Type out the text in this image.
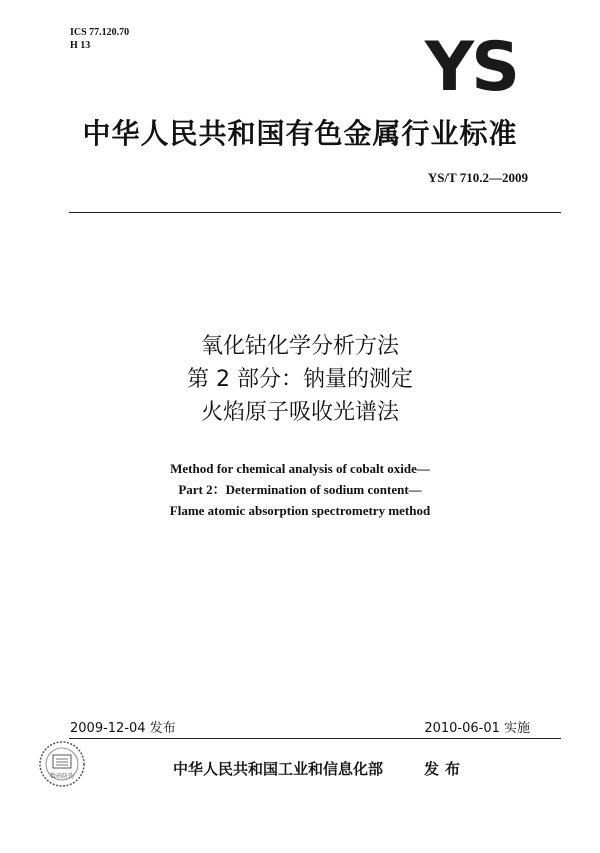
ICS 77.120.70
H 13	YS
中华人民共和国有色金属行业标准
YS/T 710.2—2009
氧化钴化学分析方法
第 2 部分：钠量的测定
火焰原子吸收光谱法
Method for chemical analysis of cobalt oxide—
Part 2：Determination of sodium content—
Flame atomic absorption spectrometry method
2009-12-04 发布	2010-06-01 实施
数码防伪	中华人民共和国工业和信息化部	发布
